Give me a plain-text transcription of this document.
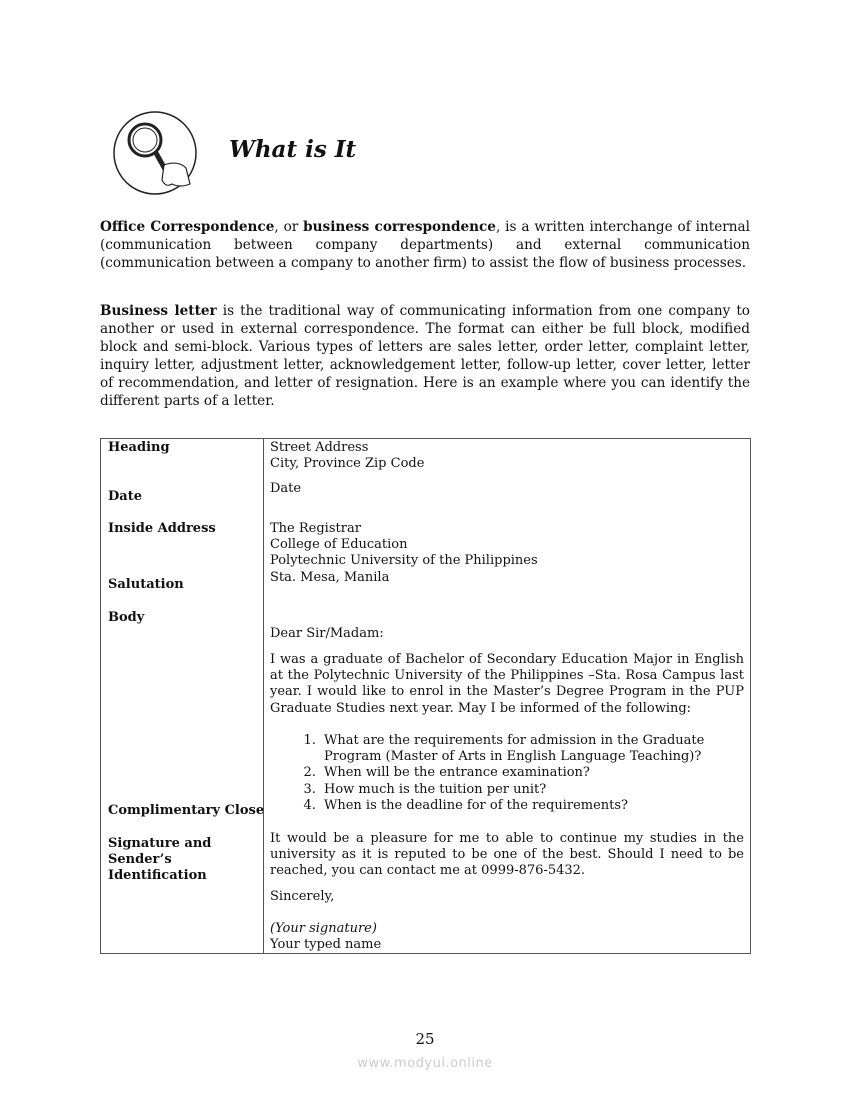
What is It
Office Correspondence, or business correspondence, is a written interchange of internal (communication between company departments) and external communication (communication between a company to another firm) to assist the flow of business processes.
Business letter is the traditional way of communicating information from one company to another or used in external correspondence. The format can either be full block, modified block and semi-block. Various types of letters are sales letter, order letter, complaint letter, inquiry letter, adjustment letter, acknowledgement letter, follow-up letter, cover letter, letter of recommendation, and letter of resignation. Here is an example where you can identify the different parts of a letter.
Heading
Date
Inside Address
Salutation
Body
Complimentary Close
Signature and
Sender’s
Identification
Street Address
City, Province Zip Code
Date
The Registrar
College of Education
Polytechnic University of the Philippines
Sta. Mesa, Manila
Dear Sir/Madam:
I was a graduate of Bachelor of Secondary Education Major in English at the Polytechnic University of the Philippines –Sta. Rosa Campus last year. I would like to enrol in the Master’s Degree Program in the PUP Graduate Studies next year. May I be informed of the following:
1. What are the requirements for admission in the Graduate Program (Master of Arts in English Language Teaching)?
2. When will be the entrance examination?
3. How much is the tuition per unit?
4. When is the deadline for of the requirements?
It would be a pleasure for me to able to continue my studies in the university as it is reputed to be one of the best. Should I need to be reached, you can contact me at 0999-876-5432.
Sincerely,
(Your signature)
Your typed name
25
www.modyul.online
